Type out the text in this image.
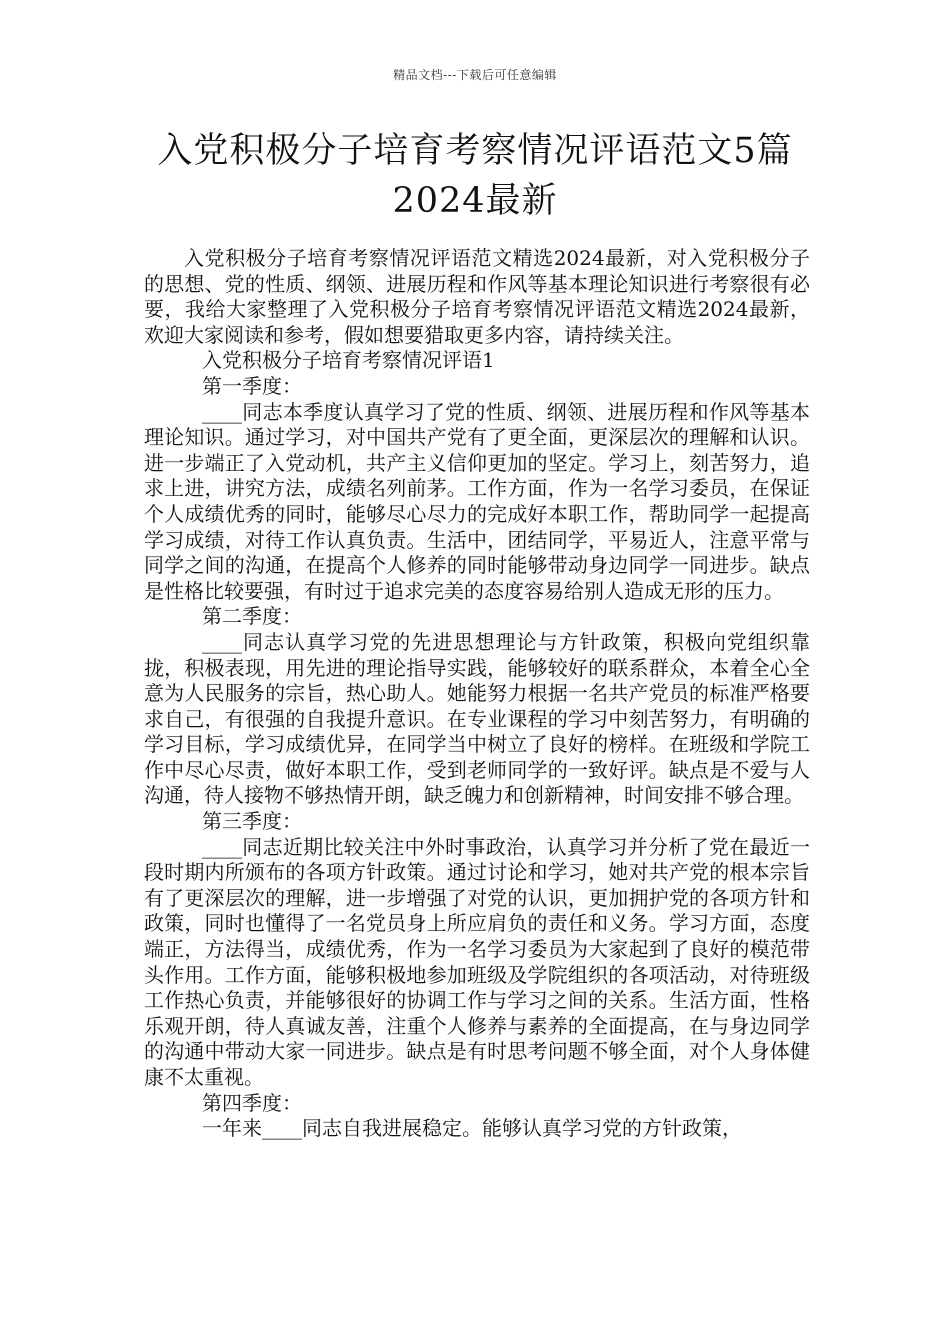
精品文档---下载后可任意编辑
入党积极分子培育考察情况评语范文5篇
2024最新

入党积极分子培育考察情况评语范文精选2024最新，对入党积极分子的思想、党的性质、纲领、进展历程和作风等基本理论知识进行考察很有必要，我给大家整理了入党积极分子培育考察情况评语范文精选2024最新，欢迎大家阅读和参考，假如想要猎取更多内容，请持续关注。

入党积极分子培育考察情况评语1

第一季度：

____同志本季度认真学习了党的性质、纲领、进展历程和作风等基本理论知识。通过学习，对中国共产党有了更全面，更深层次的理解和认识。进一步端正了入党动机，共产主义信仰更加的坚定。学习上，刻苦努力，追求上进，讲究方法，成绩名列前茅。工作方面，作为一名学习委员，在保证个人成绩优秀的同时，能够尽心尽力的完成好本职工作，帮助同学一起提高学习成绩，对待工作认真负责。生活中，团结同学，平易近人，注意平常与同学之间的沟通，在提高个人修养的同时能够带动身边同学一同进步。缺点是性格比较要强，有时过于追求完美的态度容易给别人造成无形的压力。

第二季度：

____同志认真学习党的先进思想理论与方针政策，积极向党组织靠拢，积极表现，用先进的理论指导实践，能够较好的联系群众，本着全心全意为人民服务的宗旨，热心助人。她能努力根据一名共产党员的标准严格要求自己，有很强的自我提升意识。在专业课程的学习中刻苦努力，有明确的学习目标，学习成绩优异，在同学当中树立了良好的榜样。在班级和学院工作中尽心尽责，做好本职工作，受到老师同学的一致好评。缺点是不爱与人沟通，待人接物不够热情开朗，缺乏魄力和创新精神，时间安排不够合理。

第三季度：

____同志近期比较关注中外时事政治，认真学习并分析了党在最近一段时期内所颁布的各项方针政策。通过讨论和学习，她对共产党的根本宗旨有了更深层次的理解，进一步增强了对党的认识，更加拥护党的各项方针和政策，同时也懂得了一名党员身上所应肩负的责任和义务。学习方面，态度端正，方法得当，成绩优秀，作为一名学习委员为大家起到了良好的模范带头作用。工作方面，能够积极地参加班级及学院组织的各项活动，对待班级工作热心负责，并能够很好的协调工作与学习之间的关系。生活方面，性格乐观开朗，待人真诚友善，注重个人修养与素养的全面提高，在与身边同学的沟通中带动大家一同进步。缺点是有时思考问题不够全面，对个人身体健康不太重视。

第四季度：

一年来____同志自我进展稳定。能够认真学习党的方针政策，
